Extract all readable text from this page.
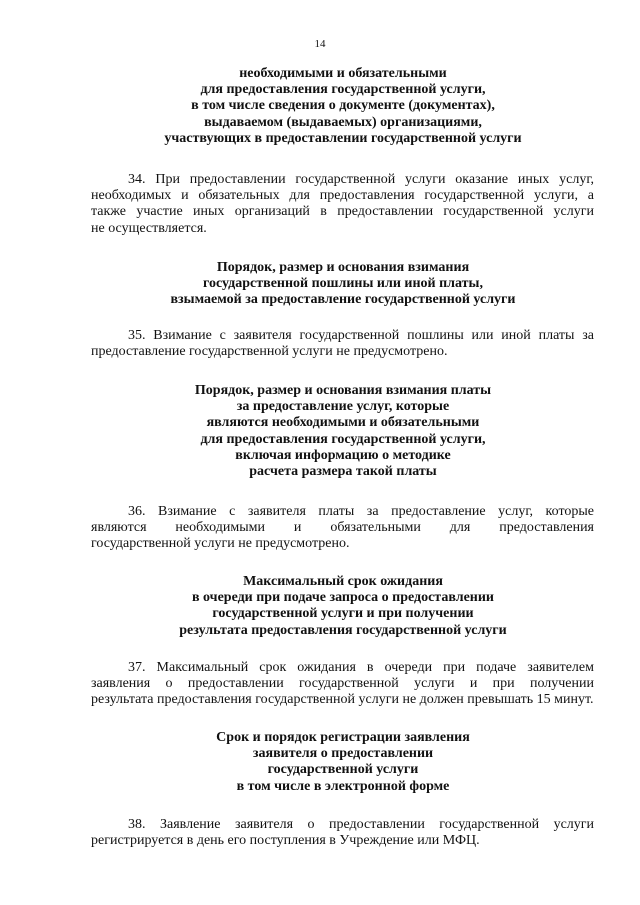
14
необходимыми и обязательными
для предоставления государственной услуги,
в том числе сведения о документе (документах),
выдаваемом (выдаваемых) организациями,
участвующих в предоставлении государственной услуги
34. При предоставлении государственной услуги оказание иных услуг,
необходимых и обязательных для предоставления государственной услуги, а
также участие иных организаций в предоставлении государственной услуги
не осуществляется.
Порядок, размер и основания взимания
государственной пошлины или иной платы,
взымаемой за предоставление государственной услуги
35. Взимание с заявителя государственной пошлины или иной платы за
предоставление государственной услуги не предусмотрено.
Порядок, размер и основания взимания платы
за предоставление услуг, которые
являются необходимыми и обязательными
для предоставления государственной услуги,
включая информацию о методике
расчета размера такой платы
36. Взимание с заявителя платы за предоставление услуг, которые
являются необходимыми и обязательными для предоставления
государственной услуги не предусмотрено.
Максимальный срок ожидания
в очереди при подаче запроса о предоставлении
государственной услуги и при получении
результата предоставления государственной услуги
37. Максимальный срок ожидания в очереди при подаче заявителем
заявления о предоставлении государственной услуги и при получении
результата предоставления государственной услуги не должен превышать 15 минут.
Срок и порядок регистрации заявления
заявителя о предоставлении
государственной услуги
в том числе в электронной форме
38. Заявление заявителя о предоставлении государственной услуги
регистрируется в день его поступления в Учреждение или МФЦ.
